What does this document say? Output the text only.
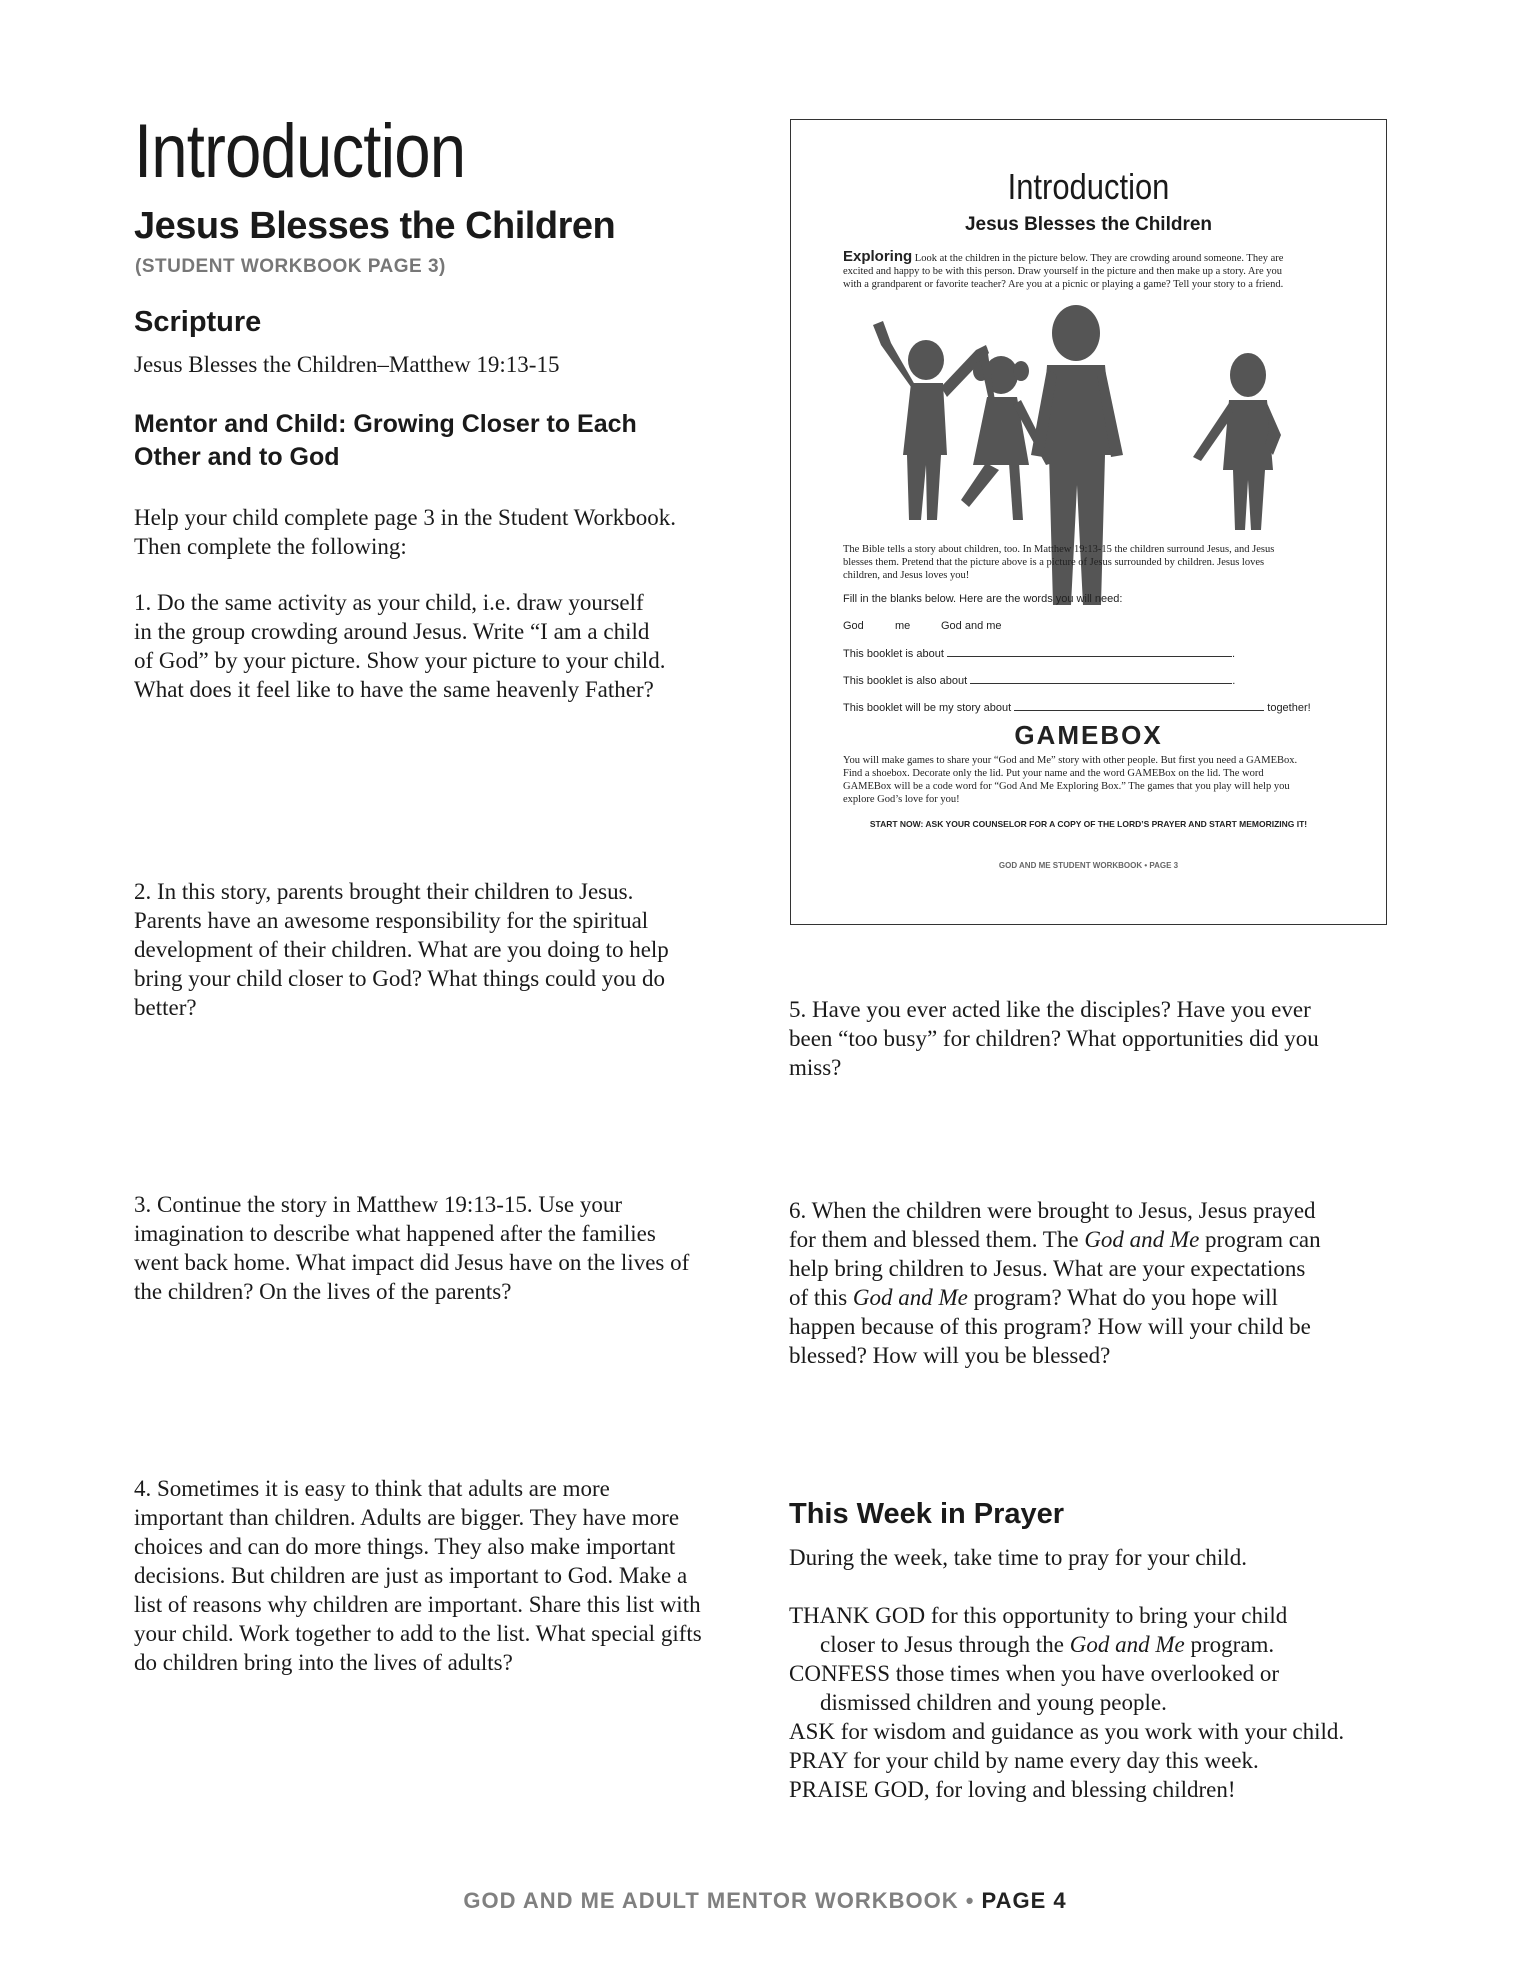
Introduction
Jesus Blesses the Children
(STUDENT WORKBOOK PAGE 3)
Scripture
Jesus Blesses the Children–Matthew 19:13-15
Mentor and Child: Growing Closer to Each
Other and to God
Help your child complete page 3 in the Student Workbook.
Then complete the following:
1. Do the same activity as your child, i.e. draw yourself
in the group crowding around Jesus. Write “I am a child
of God” by your picture. Show your picture to your child.
What does it feel like to have the same heavenly Father?
2. In this story, parents brought their children to Jesus.
Parents have an awesome responsibility for the spiritual
development of their children. What are you doing to help
bring your child closer to God? What things could you do
better?
3. Continue the story in Matthew 19:13-15. Use your
imagination to describe what happened after the families
went back home. What impact did Jesus have on the lives of
the children? On the lives of the parents?
4. Sometimes it is easy to think that adults are more
important than children. Adults are bigger. They have more
choices and can do more things. They also make important
decisions. But children are just as important to God. Make a
list of reasons why children are important. Share this list with
your child. Work together to add to the list. What special gifts
do children bring into the lives of adults?
Introduction
Jesus Blesses the Children
Exploring Look at the children in the picture below. They are crowding around someone. They are
excited and happy to be with this person. Draw yourself in the picture and then make up a story. Are you
with a grandparent or favorite teacher? Are you at a picnic or playing a game? Tell your story to a friend.
The Bible tells a story about children, too. In Matthew 19:13-15 the children surround Jesus, and Jesus
blesses them. Pretend that the picture above is a picture of Jesus surrounded by children. Jesus loves
children, and Jesus loves you!
Fill in the blanks below. Here are the words you will need:
God	me	God and me
This booklet is about	.
This booklet is also about	.
This booklet will be my story about	together!
GAMEBOX
You will make games to share your “God and Me” story with other people. But first you need a GAMEBox.
Find a shoebox. Decorate only the lid. Put your name and the word GAMEBox on the lid. The word
GAMEBox will be a code word for “God And Me Exploring Box.” The games that you play will help you
explore God’s love for you!
START NOW: ASK YOUR COUNSELOR FOR A COPY OF THE LORD’S PRAYER AND START MEMORIZING IT!
GOD AND ME STUDENT WORKBOOK • PAGE 3
5. Have you ever acted like the disciples? Have you ever
been “too busy” for children? What opportunities did you
miss?
6. When the children were brought to Jesus, Jesus prayed
for them and blessed them. The God and Me program can
help bring children to Jesus. What are your expectations
of this God and Me program? What do you hope will
happen because of this program? How will your child be
blessed? How will you be blessed?
This Week in Prayer
During the week, take time to pray for your child.
THANK GOD for this opportunity to bring your child
closer to Jesus through the God and Me program.
CONFESS those times when you have overlooked or
dismissed children and young people.
ASK for wisdom and guidance as you work with your child.
PRAY for your child by name every day this week.
PRAISE GOD, for loving and blessing children!
GOD AND ME ADULT MENTOR WORKBOOK • PAGE 4
